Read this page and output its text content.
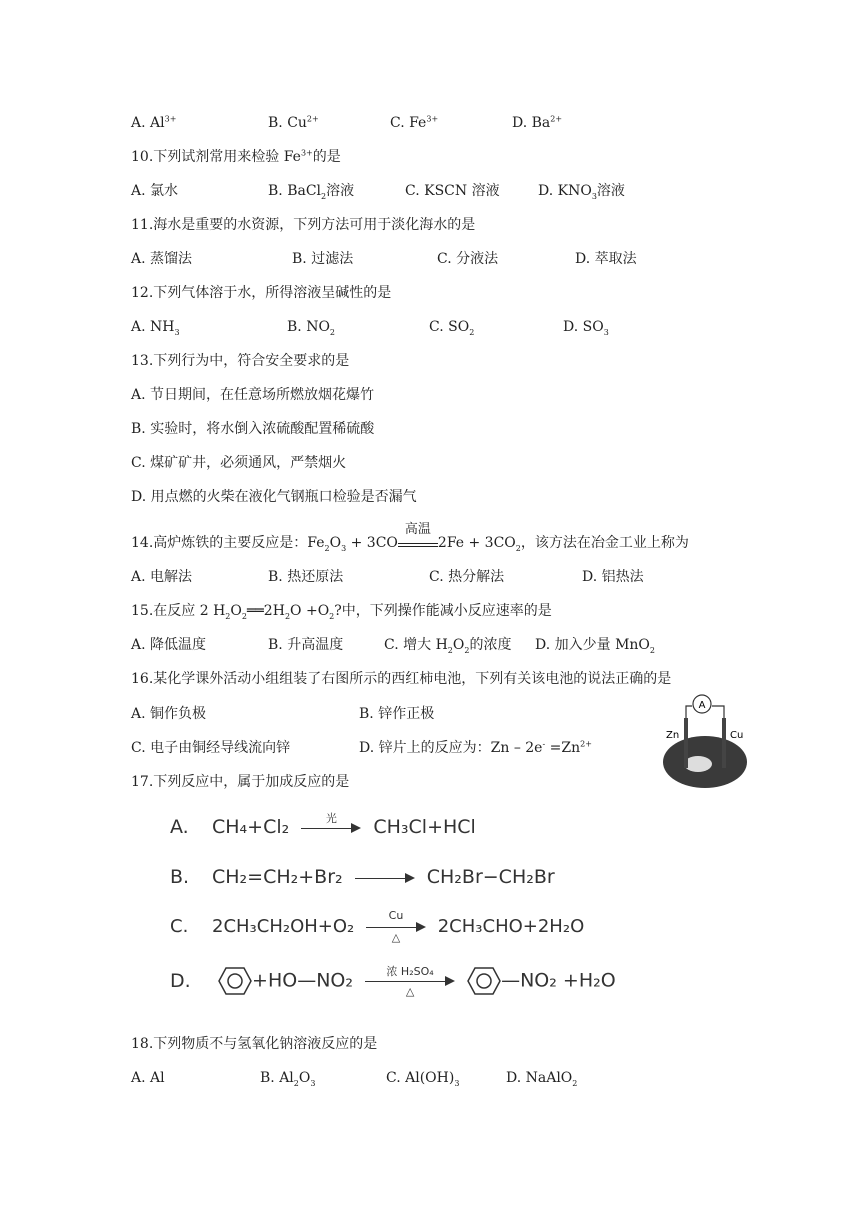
A. $Al^{3+}$	B. $Cu^{2+}$	C. $Fe^{3+}$	D. $Ba^{2+}$
10.下列试剂常用来检验 $Fe^{3+}$的是
A. 氯水	B. BaCl$_2$溶液	C. KSCN 溶液	D. $KNO_3$溶液
11.海水是重要的水资源，下列方法可用于淡化海水的是
A. 蒸馏法	B. 过滤法	C. 分液法	D. 萃取法
12.下列气体溶于水，所得溶液呈碱性的是
A. $NH_3$	B. $NO_2$	C. $SO_2$	D. $SO_3$
13.下列行为中，符合安全要求的是
A. 节日期间，在任意场所燃放烟花爆竹
B. 实验时，将水倒入浓硫酸配置稀硫酸
C. 煤矿矿井，必须通风，严禁烟火
D. 用点燃的火柴在液化气钢瓶口检验是否漏气
14.高炉炼铁的主要反应是：$Fe_2O_3 + 3CO$
高温
$2Fe + 3CO_2$，该方法在冶金工业上称为
A. 电解法	B. 热还原法	C. 热分解法	D. 铝热法
15.在反应 2 $H_2O_2══2H_2O +O_2$?中，下列操作能减小反应速率的是
A. 降低温度	B. 升高温度	C. 增大 $H_2O_2$的浓度 D. 加入少量 MnO$_2$
16.某化学课外活动小组组装了右图所示的西红柿电池，下列有关该电池的说法正确的是
A. 铜作负极	B. 锌作正极
C. 电子由铜经导线流向锌	D. 锌片上的反应为：$Zn - 2e^- =Zn^{2+}$
A
Zn	Cu
17.下列反应中，属于加成反应的是
A. CH₄+Cl₂	光	CH₃Cl+HCl
B. CH₂=CH₂+Br₂	CH₂Br−CH₂Br
C. 2CH₃CH₂OH+O₂
Cu
△
2CH₃CHO+2H₂O
D.	+HO—NO₂	浓 H₂SO₄
△	—NO₂ +H₂O
18.下列物质不与氢氧化钠溶液反应的是
A. Al	B. $Al_2O_3$	C. $Al(OH)_3$	D. NaAlO$_2$
